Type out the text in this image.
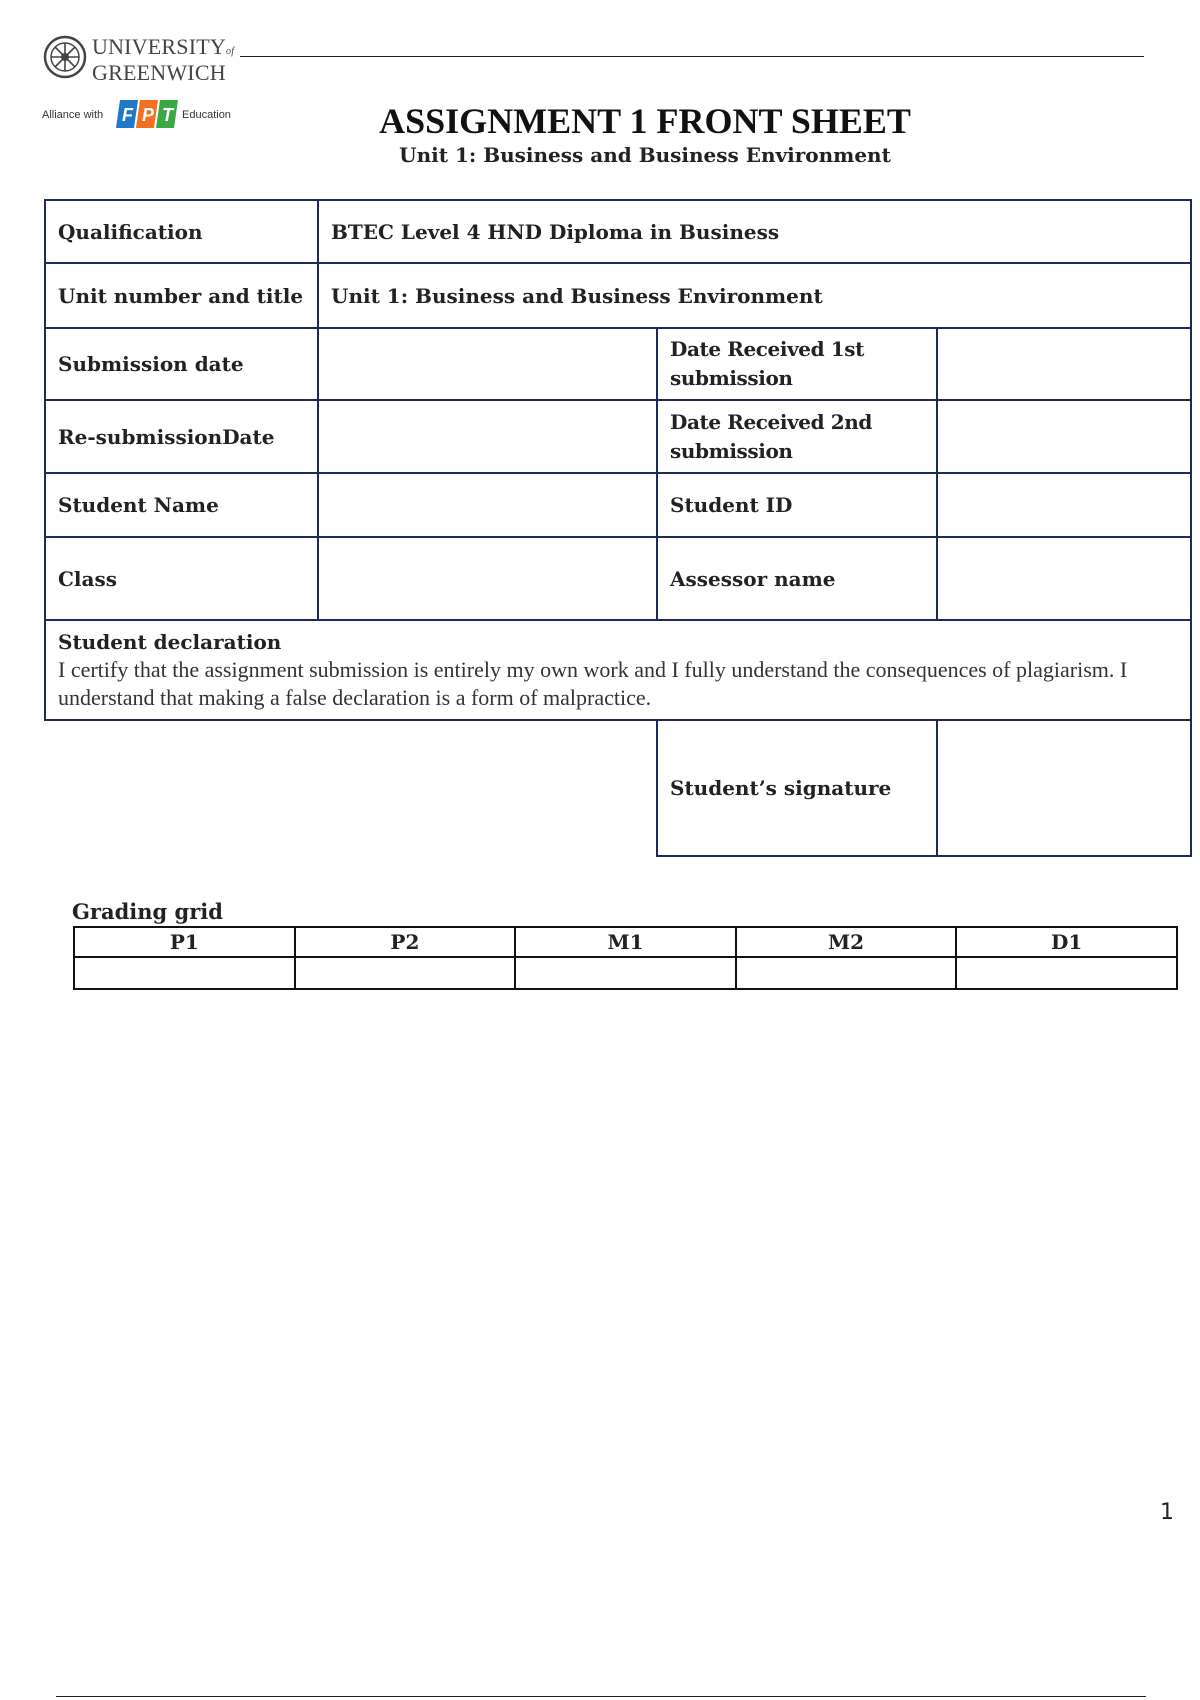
UNIVERSITYof
GREENWICH
Alliance with F P T Education	ASSIGNMENT 1 FRONT SHEET
Unit 1: Business and Business Environment
Qualification	BTEC Level 4 HND Diploma in Business		
Unit number and title	Unit 1: Business and Business Environment		
Submission date		Date Received 1st submission	
Re-submissionDate		Date Received 2nd submission	
Student Name		Student ID	
Class		Assessor name	

Student declaration
I certify that the assignment submission is entirely my own work and I fully understand the consequences of plagiarism. I understand that making a false declaration is a form of malpractice.			

		Student’s signature	
Grading grid
P1	P2	M1	M2	D1

1
